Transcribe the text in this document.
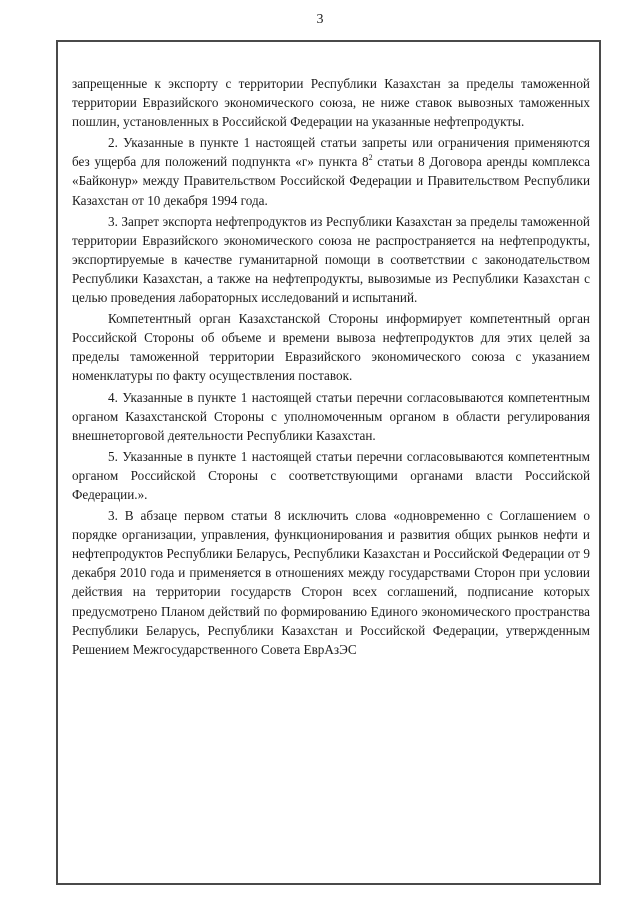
3

запрещенные к экспорту с территории Республики Казахстан за пределы таможенной территории Евразийского экономического союза, не ниже ставок вывозных таможенных пошлин, установленных в Российской Федерации на указанные нефтепродукты.

2. Указанные в пункте 1 настоящей статьи запреты или ограничения применяются без ущерба для положений подпункта «г» пункта $8^2$ статьи 8 Договора аренды комплекса «Байконур» между Правительством Российской Федерации и Правительством Республики Казахстан от 10 декабря 1994 года.

3. Запрет экспорта нефтепродуктов из Республики Казахстан за пределы таможенной территории Евразийского экономического союза не распространяется на нефтепродукты, экспортируемые в качестве гуманитарной помощи в соответствии с законодательством Республики Казахстан, а также на нефтепродукты, вывозимые из Республики Казахстан с целью проведения лабораторных исследований и испытаний.

Компетентный орган Казахстанской Стороны информирует компетентный орган Российской Стороны об объеме и времени вывоза нефтепродуктов для этих целей за пределы таможенной территории Евразийского экономического союза с указанием номенклатуры по факту осуществления поставок.

4. Указанные в пункте 1 настоящей статьи перечни согласовываются компетентным органом Казахстанской Стороны с уполномоченным органом в области регулирования внешнеторговой деятельности Республики Казахстан.

5. Указанные в пункте 1 настоящей статьи перечни согласовываются компетентным органом Российской Стороны с соответствующими органами власти Российской Федерации.».

3. В абзаце первом статьи 8 исключить слова «одновременно с Соглашением о порядке организации, управления, функционирования и развития общих рынков нефти и нефтепродуктов Республики Беларусь, Республики Казахстан и Российской Федерации от 9 декабря 2010 года и применяется в отношениях между государствами Сторон при условии действия на территории государств Сторон всех соглашений, подписание которых предусмотрено Планом действий по формированию Единого экономического пространства Республики Беларусь, Республики Казахстан и Российской Федерации, утвержденным Решением Межгосударственного Совета ЕврАзЭС
